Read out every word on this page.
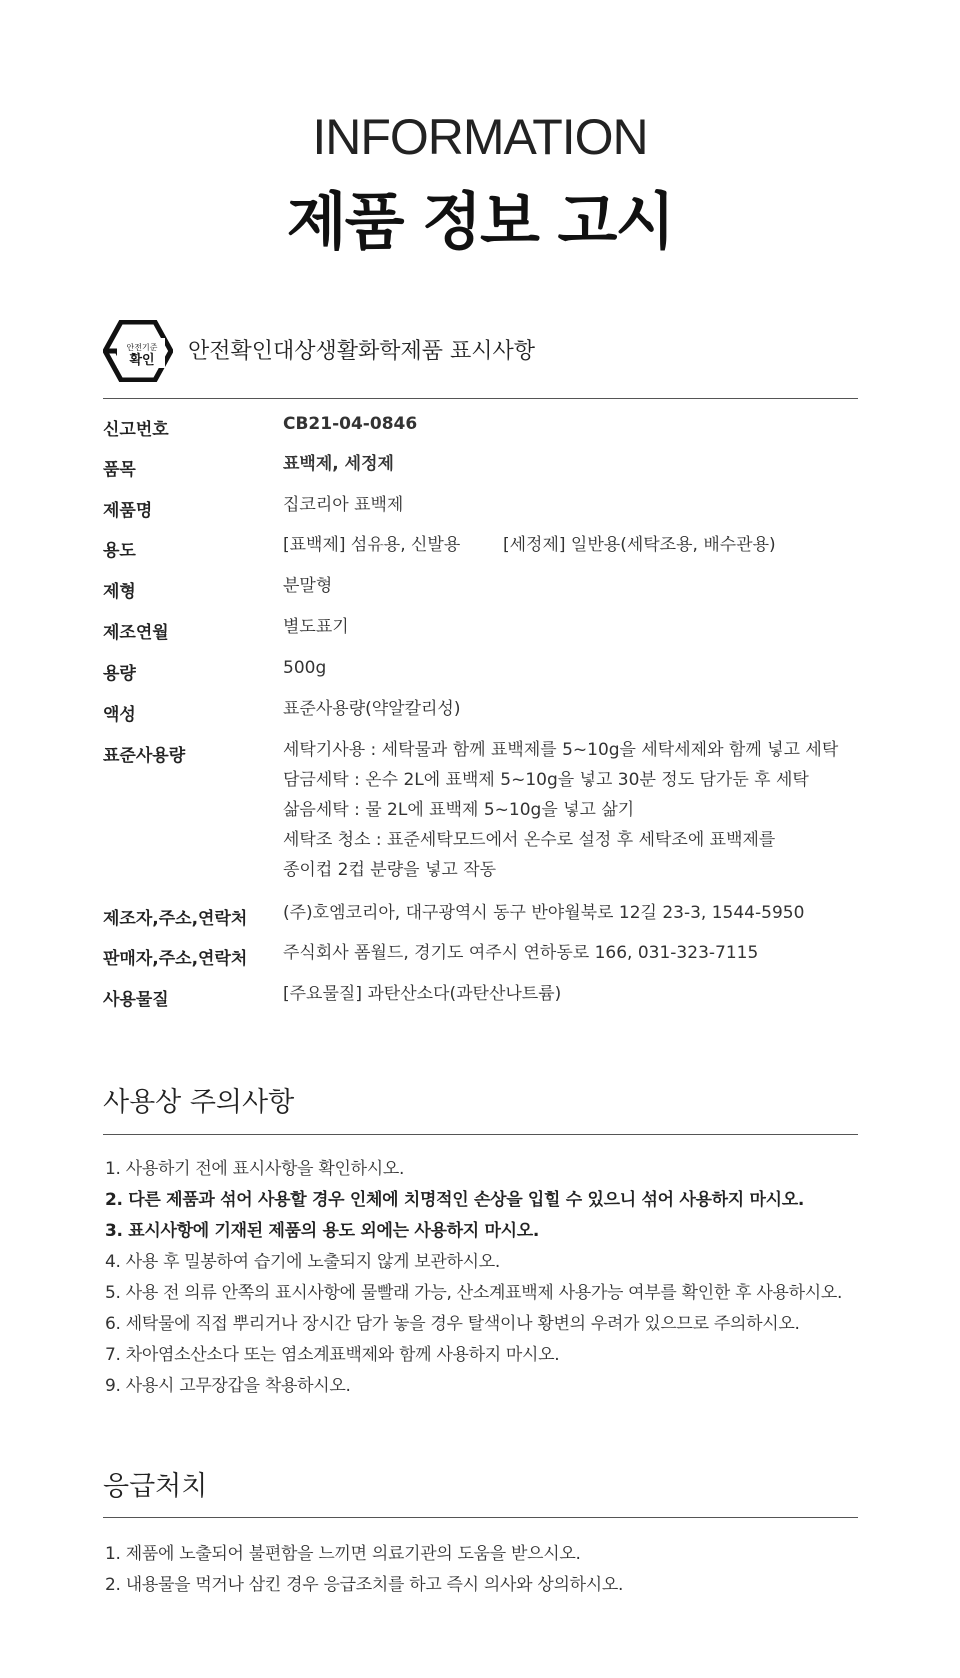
INFORMATION
제품 정보 고시
안전기준
확인 안전확인대상생활화학제품 표시사항
신고번호	CB21-04-0846
품목	표백제, 세정제
제품명	집코리아 표백제
용도	[표백제] 섬유용, 신발용	[세정제] 일반용(세탁조용, 배수관용)
제형	분말형
제조연월	별도표기
용량	500g
액성	표준사용량(약알칼리성)
표준사용량	세탁기사용 : 세탁물과 함께 표백제를 5~10g을 세탁세제와 함께 넣고 세탁
담금세탁 : 온수 2L에 표백제 5~10g을 넣고 30분 정도 담가둔 후 세탁
삶음세탁 : 물 2L에 표백제 5~10g을 넣고 삶기
세탁조 청소 : 표준세탁모드에서 온수로 설정 후 세탁조에 표백제를
종이컵 2컵 분량을 넣고 작동
제조자,주소,연락처 (주)호엠코리아, 대구광역시 동구 반야월북로 12길 23-3, 1544-5950
판매자,주소,연락처 주식회사 폼월드, 경기도 여주시 연하동로 166, 031-323-7115
사용물질	[주요물질] 과탄산소다(과탄산나트륨)
사용상 주의사항
1. 사용하기 전에 표시사항을 확인하시오.
2. 다른 제품과 섞어 사용할 경우 인체에 치명적인 손상을 입힐 수 있으니 섞어 사용하지 마시오.
3. 표시사항에 기재된 제품의 용도 외에는 사용하지 마시오.
4. 사용 후 밀봉하여 습기에 노출되지 않게 보관하시오.
5. 사용 전 의류 안쪽의 표시사항에 물빨래 가능, 산소계표백제 사용가능 여부를 확인한 후 사용하시오.
6. 세탁물에 직접 뿌리거나 장시간 담가 놓을 경우 탈색이나 황변의 우려가 있으므로 주의하시오.
7. 차아염소산소다 또는 염소계표백제와 함께 사용하지 마시오.
9. 사용시 고무장갑을 착용하시오.
응급처치
1. 제품에 노출되어 불편함을 느끼면 의료기관의 도움을 받으시오.
2. 내용물을 먹거나 삼킨 경우 응급조치를 하고 즉시 의사와 상의하시오.
